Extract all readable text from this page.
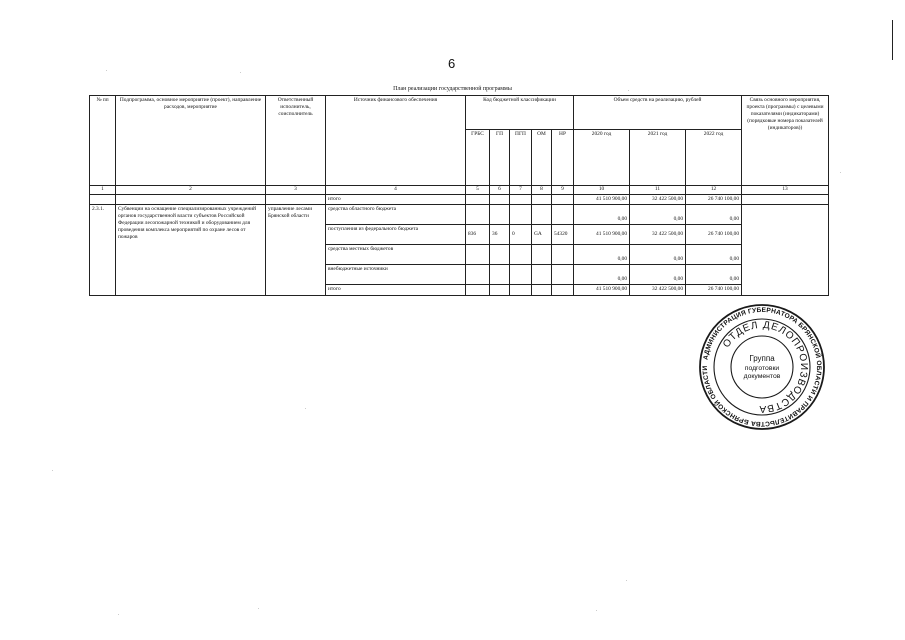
6
План реализации государственной программы
№ пп	Подпрограмма, основное мероприятие (проект), направление расходов, мероприятие	Ответственный исполнитель, соисполнитель	Источник финансового обеспечения	Код бюджетной классификации					Объем средств на реализацию, рублей			Связь основного мероприятия, проекта (программы) с целевыми показателями (индикаторами) (порядковые номера показателей (индикаторов))
				ГРБС	ГП	ПГП	ОМ	НР	2020 год	2021 год	2022 год	
1	2	3	4	5	6	7	8	9	10	11	12	13
			итого						41 510 900,00	32 422 500,00	26 740 100,00	
2.3.1.	Субвенции на оснащение специализированных учреждений органов государственной власти субъектов Российской Федерации лесопожарной техникой и оборудованием для проведения комплекса мероприятий по охране лесов от пожаров	управление лесами Брянской области	средства областного бюджета						0,00	0,00	0,00	
			поступления из федерального бюджета	836	36	0	GA	54320	41 510 900,00	32 422 500,00	26 740 100,00	
			средства местных бюджетов						0,00	0,00	0,00	
			внебюджетные источники						0,00	0,00	0,00	
			итого						41 510 900,00	32 422 500,00	26 740 100,00	
АДМИНИСТРАЦИЯ ГУБЕРНАТОРА БРЯНСКОЙ ОБЛАСТИ И ПРАВИТЕЛЬСТВА БРЯНСКОЙ ОБЛАСТИ
ОТДЕЛ ДЕЛОПРОИЗВОДСТВА
Группа
подготовки
документов
